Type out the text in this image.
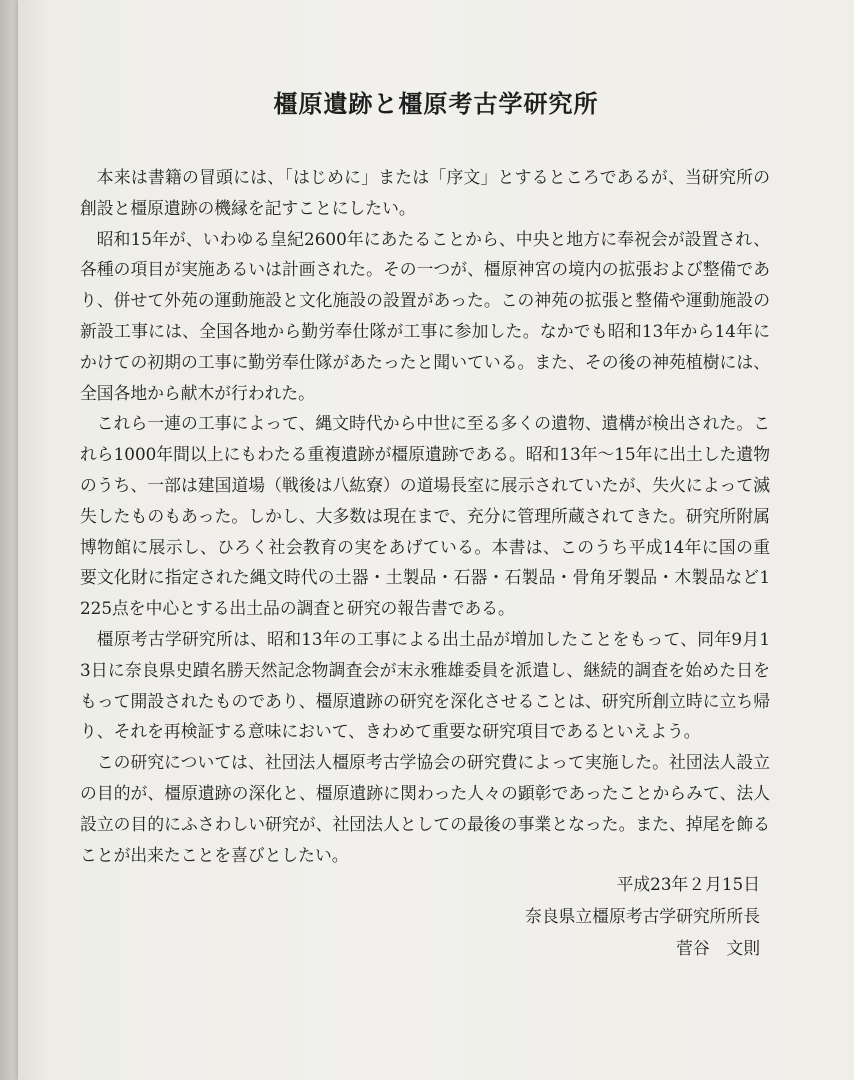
橿原遺跡と橿原考古学研究所

本来は書籍の冒頭には、「はじめに」または「序文」とするところであるが、当研究所の創設と橿原遺跡の機縁を記すことにしたい。

昭和15年が、いわゆる皇紀2600年にあたることから、中央と地方に奉祝会が設置され、各種の項目が実施あるいは計画された。その一つが、橿原神宮の境内の拡張および整備であり、併せて外苑の運動施設と文化施設の設置があった。この神苑の拡張と整備や運動施設の新設工事には、全国各地から勤労奉仕隊が工事に参加した。なかでも昭和13年から14年にかけての初期の工事に勤労奉仕隊があたったと聞いている。また、その後の神苑植樹には、全国各地から献木が行われた。

これら一連の工事によって、縄文時代から中世に至る多くの遺物、遺構が検出された。これら1000年間以上にもわたる重複遺跡が橿原遺跡である。昭和13年〜15年に出土した遺物のうち、一部は建国道場（戦後は八紘寮）の道場長室に展示されていたが、失火によって滅失したものもあった。しかし、大多数は現在まで、充分に管理所蔵されてきた。研究所附属博物館に展示し、ひろく社会教育の実をあげている。本書は、このうち平成14年に国の重要文化財に指定された縄文時代の土器・土製品・石器・石製品・骨角牙製品・木製品など1225点を中心とする出土品の調査と研究の報告書である。

橿原考古学研究所は、昭和13年の工事による出土品が増加したことをもって、同年9月13日に奈良県史蹟名勝天然記念物調査会が末永雅雄委員を派遣し、継続的調査を始めた日をもって開設されたものであり、橿原遺跡の研究を深化させることは、研究所創立時に立ち帰り、それを再検証する意味において、きわめて重要な研究項目であるといえよう。

この研究については、社団法人橿原考古学協会の研究費によって実施した。社団法人設立の目的が、橿原遺跡の深化と、橿原遺跡に関わった人々の顕彰であったことからみて、法人設立の目的にふさわしい研究が、社団法人としての最後の事業となった。また、掉尾を飾ることが出来たことを喜びとしたい。

平成23年２月15日
奈良県立橿原考古学研究所所長
菅谷　文則
